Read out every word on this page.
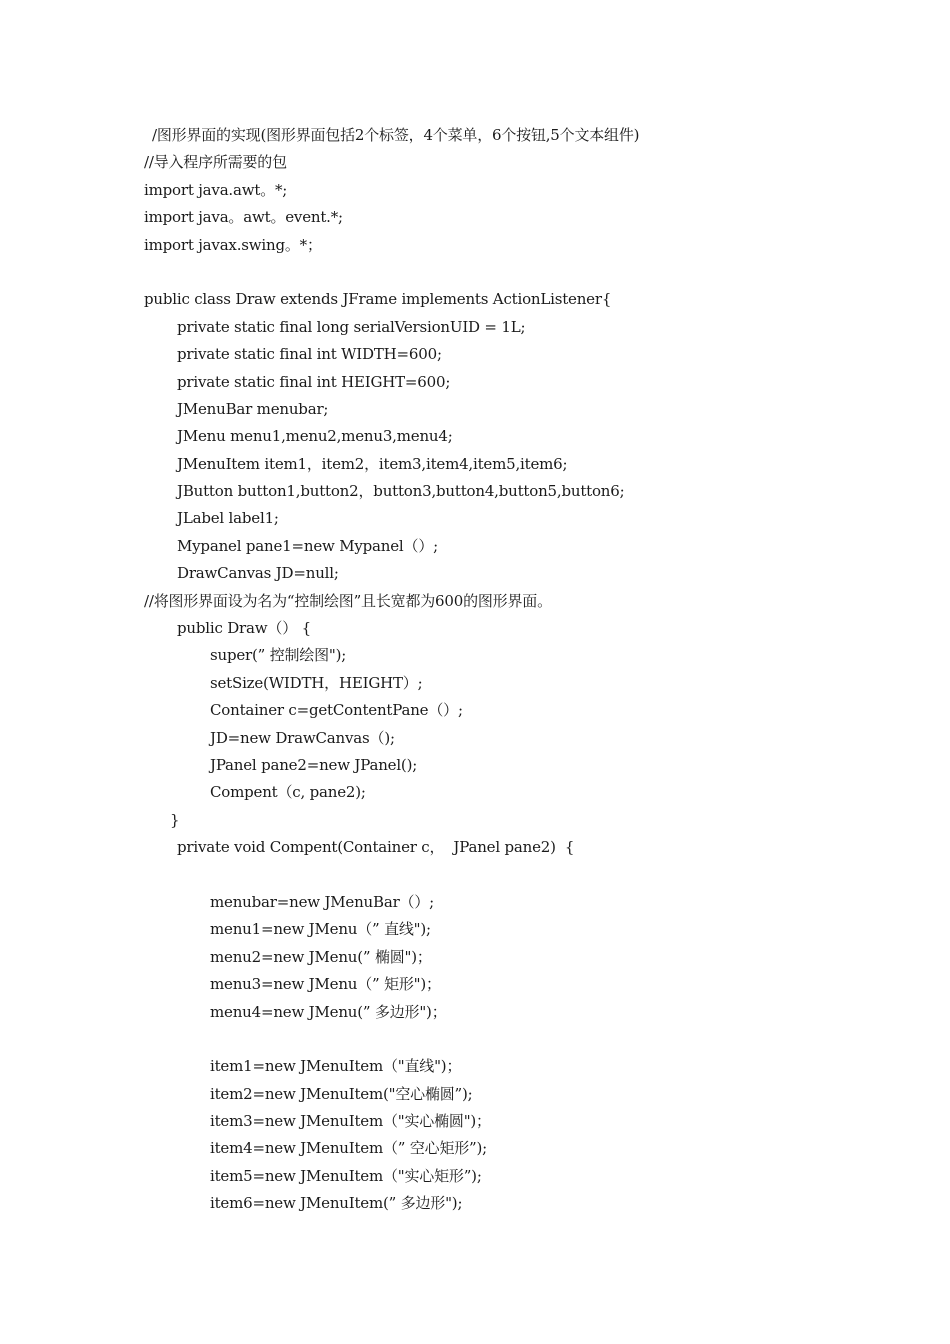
/图形界面的实现(图形界面包括2个标签，4个菜单，6个按钮,5个文本组件)
//导入程序所需要的包
import java.awt。*;
import java。awt。event.*;
import javax.swing。*；
public class Draw extends JFrame implements ActionListener{
private static final long serialVersionUID = 1L;
private static final int WIDTH=600;
private static final int HEIGHT=600;
JMenuBar menubar;
JMenu menu1,menu2,menu3,menu4;
JMenuItem item1，item2，item3,item4,item5,item6;
JButton button1,button2，button3,button4,button5,button6;
JLabel label1;
Mypanel pane1=new Mypanel（）;
DrawCanvas JD=null;
//将图形界面设为名为“控制绘图”且长宽都为600的图形界面。
public Draw（） {
super(” 控制绘图");
setSize(WIDTH，HEIGHT）;
Container c=getContentPane（）;
JD=new DrawCanvas（);
JPanel pane2=new JPanel();
Compent（c, pane2);
}
private void Compent(Container c，  JPanel pane2)  {
menubar=new JMenuBar（）;
menu1=new JMenu（” 直线");
menu2=new JMenu(” 椭圆")；
menu3=new JMenu（” 矩形")；
menu4=new JMenu(” 多边形")；
item1=new JMenuItem（"直线")；
item2=new JMenuItem("空心椭圆”);
item3=new JMenuItem（"实心椭圆")；
item4=new JMenuItem（” 空心矩形”);
item5=new JMenuItem（"实心矩形”);
item6=new JMenuItem(” 多边形");
